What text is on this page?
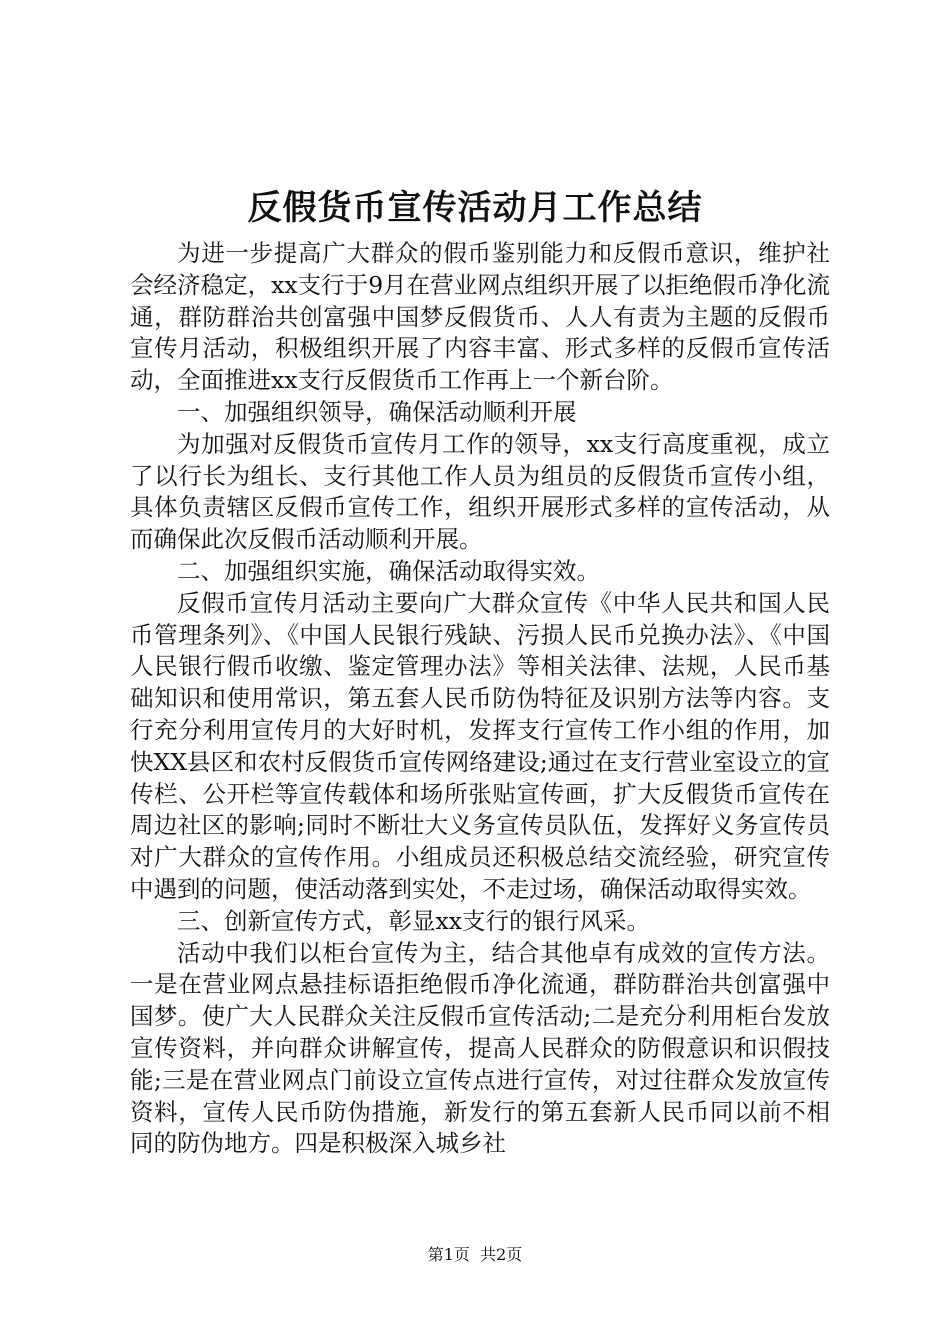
反假货币宣传活动月工作总结

为进一步提高广大群众的假币鉴别能力和反假币意识，维护社会经济稳定，xx支行于9月在营业网点组织开展了以拒绝假币净化流通，群防群治共创富强中国梦反假货币、人人有责为主题的反假币宣传月活动，积极组织开展了内容丰富、形式多样的反假币宣传活动，全面推进xx支行反假货币工作再上一个新台阶。

一、加强组织领导，确保活动顺利开展

为加强对反假货币宣传月工作的领导，xx支行高度重视，成立了以行长为组长、支行其他工作人员为组员的反假货币宣传小组，具体负责辖区反假币宣传工作，组织开展形式多样的宣传活动，从而确保此次反假币活动顺利开展。

二、加强组织实施，确保活动取得实效。

反假币宣传月活动主要向广大群众宣传《中华人民共和国人民币管理条列》、《中国人民银行残缺、污损人民币兑换办法》、《中国人民银行假币收缴、鉴定管理办法》等相关法律、法规，人民币基础知识和使用常识，第五套人民币防伪特征及识别方法等内容。支行充分利用宣传月的大好时机，发挥支行宣传工作小组的作用，加快XX县区和农村反假货币宣传网络建设;通过在支行营业室设立的宣传栏、公开栏等宣传载体和场所张贴宣传画，扩大反假货币宣传在周边社区的影响;同时不断壮大义务宣传员队伍，发挥好义务宣传员对广大群众的宣传作用。小组成员还积极总结交流经验，研究宣传中遇到的问题，使活动落到实处，不走过场，确保活动取得实效。

三、创新宣传方式，彰显xx支行的银行风采。

活动中我们以柜台宣传为主，结合其他卓有成效的宣传方法。一是在营业网点悬挂标语拒绝假币净化流通，群防群治共创富强中国梦。使广大人民群众关注反假币宣传活动;二是充分利用柜台发放宣传资料，并向群众讲解宣传，提高人民群众的防假意识和识假技能;三是在营业网点门前设立宣传点进行宣传，对过往群众发放宣传资料，宣传人民币防伪措施，新发行的第五套新人民币同以前不相同的防伪地方。四是积极深入城乡社

第1页  共2页
